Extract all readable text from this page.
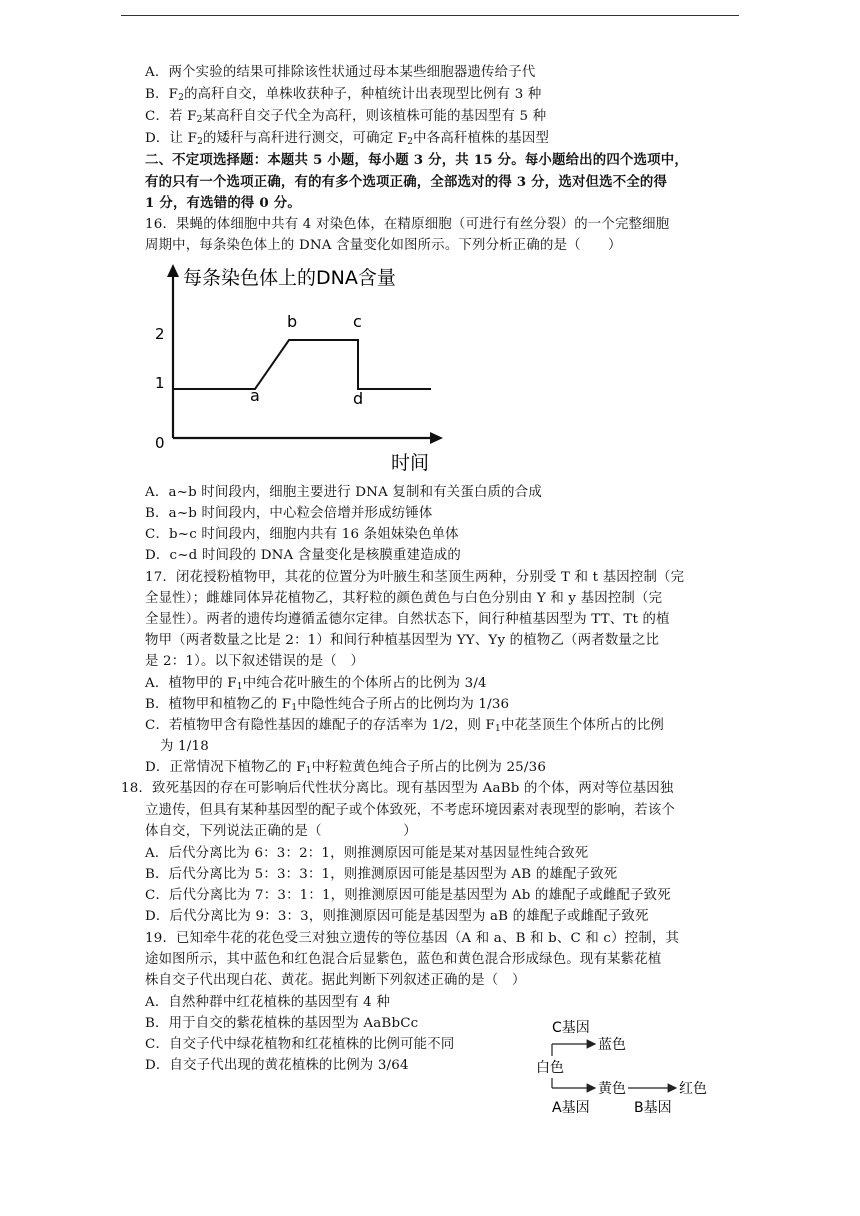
A．两个实验的结果可排除该性状通过母本某些细胞器遗传给子代
B．$F_2$的高秆自交，单株收获种子，种植统计出表现型比例有 3 种
C．若 $F_2$某高秆自交子代全为高秆，则该植株可能的基因型有 5 种
D．让 $F_2$的矮秆与高秆进行测交，可确定 $F_2$中各高秆植株的基因型
二、不定项选择题：本题共 5 小题，每小题 3 分，共 15 分。每小题给出的四个选项中，
有的只有一个选项正确，有的有多个选项正确，全部选对的得 3 分，选对但选不全的得
1 分，有选错的得 0 分。
16．果蝇的体细胞中共有 4 对染色体，在精原细胞（可进行有丝分裂）的一个完整细胞
周期中，每条染色体上的 DNA 含量变化如图所示。下列分析正确的是（　　）
A．a~b 时间段内，细胞主要进行 DNA 复制和有关蛋白质的合成
B．a~b 时间段内，中心粒会倍增并形成纺锤体
C．b~c 时间段内，细胞内共有 16 条姐妹染色单体
D．c~d 时间段的 DNA 含量变化是核膜重建造成的
17．闭花授粉植物甲，其花的位置分为叶腋生和茎顶生两种，分别受 T 和 t 基因控制（完
全显性）；雌雄同体异花植物乙，其籽粒的颜色黄色与白色分别由 Y 和 y 基因控制（完
全显性）。两者的遗传均遵循孟德尔定律。自然状态下，间行种植基因型为 TT、Tt 的植
物甲（两者数量之比是 2：1）和间行种植基因型为 YY、Yy 的植物乙（两者数量之比
是 2：1）。以下叙述错误的是（　）
A．植物甲的 $F_1$中纯合花叶腋生的个体所占的比例为 3/4
B．植物甲和植物乙的 $F_1$中隐性纯合子所占的比例均为 1/36
C．若植物甲含有隐性基因的雄配子的存活率为 1/2，则 $F_1$中花茎顶生个体所占的比例
为 1/18
D．正常情况下植物乙的 $F_1$中籽粒黄色纯合子所占的比例为 25/36
18．致死基因的存在可影响后代性状分离比。现有基因型为 AaBb 的个体，两对等位基因独
立遗传，但具有某种基因型的配子或个体致死，不考虑环境因素对表现型的影响，若该个
体自交，下列说法正确的是（　　　　　　）
A．后代分离比为 6：3：2：1，则推测原因可能是某对基因显性纯合致死
B．后代分离比为 5：3：3：1，则推测原因可能是基因型为 AB 的雄配子致死
C．后代分离比为 7：3：1：1，则推测原因可能是基因型为 Ab 的雄配子或雌配子致死
D．后代分离比为 9：3：3，则推测原因可能是基因型为 aB 的雄配子或雌配子致死
19．已知牵牛花的花色受三对独立遗传的等位基因（A 和 a、B 和 b、C 和 c）控制，其
途如图所示，其中蓝色和红色混合后显紫色，蓝色和黄色混合形成绿色。现有某紫花植
株自交子代出现白花、黄花。据此判断下列叙述正确的是（　）
A．自然种群中红花植株的基因型有 4 种
B．用于自交的紫花植株的基因型为 AaBbCc
C．自交子代中绿花植物和红花植株的比例可能不同
D．自交子代出现的黄花植株的比例为 3/64
每条染色体上的DNA含量
时间
0
1
2
a
b	c
d
C基因
白色
蓝色
黄色	红色
A基因	B基因
